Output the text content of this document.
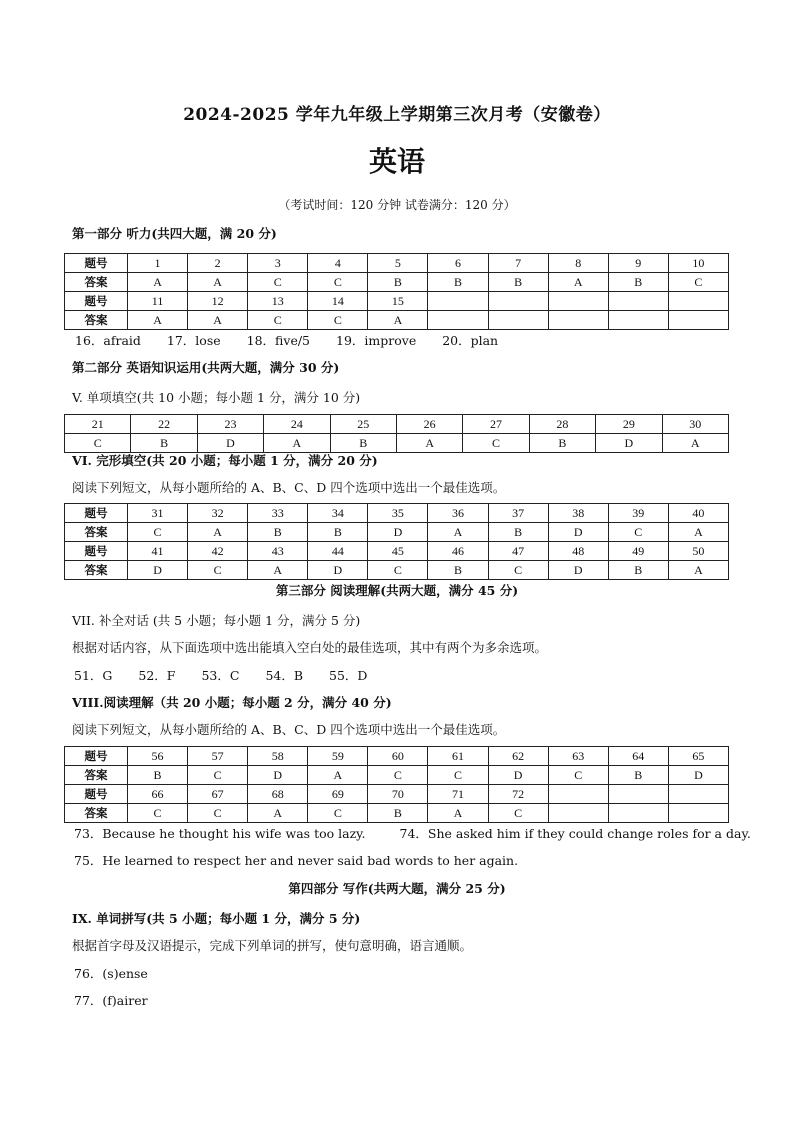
2024-2025 学年九年级上学期第三次月考（安徽卷）
英语
（考试时间：120 分钟 试卷满分：120 分）
第一部分 听力(共四大题，满 20 分)
题号	1	2	3	4	5	6	7	8	9	10
答案	A	A	C	C	B	B	B	A	B	C
题号	11	12	13	14	15					
答案	A	A	C	C	A					
16．afraid 17．lose 18．five/5 19．improve 20．plan
第二部分 英语知识运用(共两大题，满分 30 分)
V. 单项填空(共 10 小题；每小题 1 分，满分 10 分)
21	22	23	24	25	26	27	28	29	30
C	B	D	A	B	A	C	B	D	A
VI. 完形填空(共 20 小题；每小题 1 分，满分 20 分)
阅读下列短文，从每小题所给的 A、B、C、D 四个选项中选出一个最佳选项。
题号	31	32	33	34	35	36	37	38	39	40
答案	C	A	B	B	D	A	B	D	C	A
题号	41	42	43	44	45	46	47	48	49	50
答案	D	C	A	D	C	B	C	D	B	A
第三部分 阅读理解(共两大题，满分 45 分)
VII. 补全对话 (共 5 小题；每小题 1 分，满分 5 分)
根据对话内容，从下面选项中选出能填入空白处的最佳选项，其中有两个为多余选项。
51．G 52．F 53．C 54．B 55．D
VIII.阅读理解（共 20 小题；每小题 2 分，满分 40 分)
阅读下列短文，从每小题所给的 A、B、C、D 四个选项中选出一个最佳选项。
题号	56	57	58	59	60	61	62	63	64	65
答案	B	C	D	A	C	C	D	C	B	D
题号	66	67	68	69	70	71	72			
答案	C	C	A	C	B	A	C			
73．Because he thought his wife was too lazy.	74．She asked him if they could change roles for a day.
75．He learned to respect her and never said bad words to her again.
第四部分 写作(共两大题，满分 25 分)
IX. 单词拼写(共 5 小题；每小题 1 分，满分 5 分)
根据首字母及汉语提示，完成下列单词的拼写，使句意明确，语言通顺。
76．(s)ense
77．(f)airer
